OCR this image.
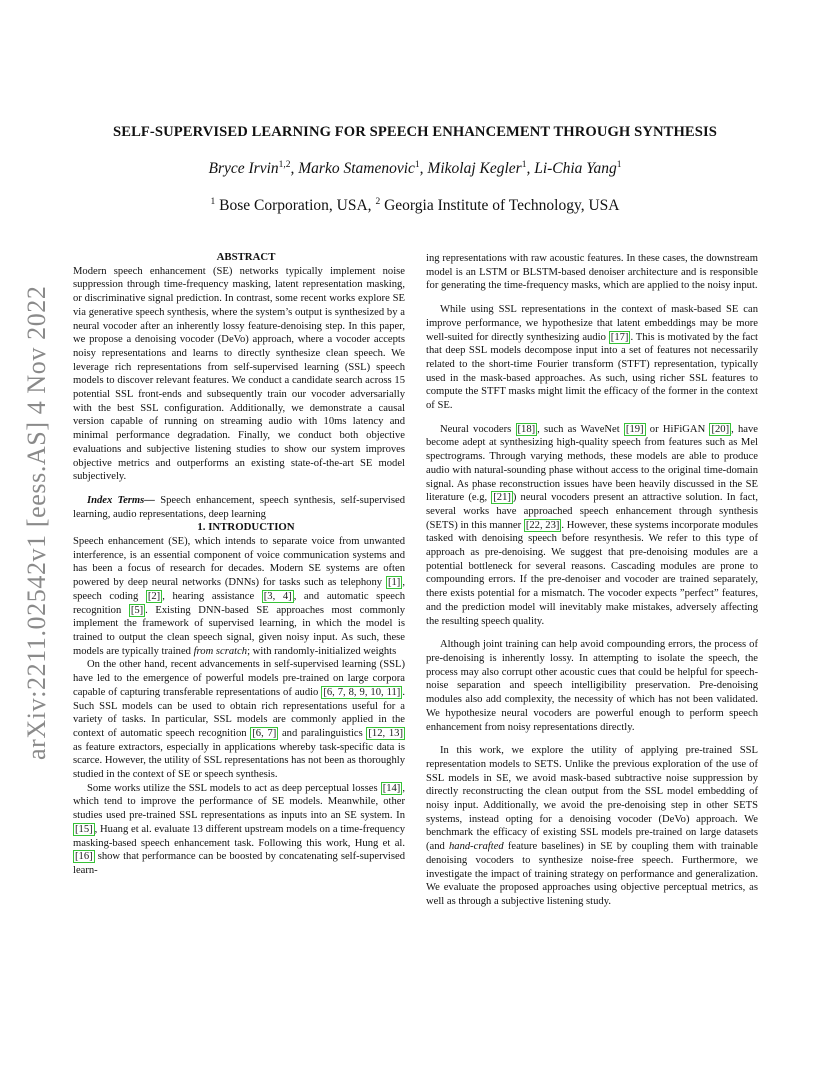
arXiv:2211.02542v1 [eess.AS] 4 Nov 2022
SELF-SUPERVISED LEARNING FOR SPEECH ENHANCEMENT THROUGH SYNTHESIS
Bryce Irvin$^{1,2}$, Marko Stamenovic$^1$, Mikolaj Kegler$^1$, Li-Chia Yang$^1$
$^1$ Bose Corporation, USA, $^2$ Georgia Institute of Technology, USA

ABSTRACT

Modern speech enhancement (SE) networks typically implement noise suppression through time-frequency masking, latent representation masking, or discriminative signal prediction. In contrast, some recent works explore SE via generative speech synthesis, where the system’s output is synthesized by a neural vocoder after an inherently lossy feature-denoising step. In this paper, we propose a denoising vocoder (DeVo) approach, where a vocoder accepts noisy representations and learns to directly synthesize clean speech. We leverage rich representations from self-supervised learning (SSL) speech models to discover relevant features. We conduct a candidate search across 15 potential SSL front-ends and subsequently train our vocoder adversarially with the best SSL configuration. Additionally, we demonstrate a causal version capable of running on streaming audio with 10ms latency and minimal performance degradation. Finally, we conduct both objective evaluations and subjective listening studies to show our system improves objective metrics and outperforms an existing state-of-the-art SE model subjectively.

Index Terms— Speech enhancement, speech synthesis, self-supervised learning, audio representations, deep learning

1. INTRODUCTION

Speech enhancement (SE), which intends to separate voice from unwanted interference, is an essential component of voice communication systems and has been a focus of research for decades. Modern SE systems are often powered by deep neural networks (DNNs) for tasks such as telephony [1] , speech coding [2] , hearing assistance [3, 4] , and automatic speech recognition [5] . Existing DNN-based SE approaches most commonly implement the framework of supervised learning, in which the model is trained to output the clean speech signal, given noisy input. As such, these models are typically trained from scratch; with randomly-initialized weights

On the other hand, recent advancements in self-supervised learning (SSL) have led to the emergence of powerful models pre-trained on large corpora capable of capturing transferable representations of audio [6, 7, 8, 9, 10, 11] . Such SSL models can be used to obtain rich representations useful for a variety of tasks. In particular, SSL models are commonly applied in the context of automatic speech recognition [6, 7] and paralinguistics [12, 13] as feature extractors, especially in applications whereby task-specific data is scarce. However, the utility of SSL representations has not been as thoroughly studied in the context of SE or speech synthesis.

Some works utilize the SSL models to act as deep perceptual losses [14] , which tend to improve the performance of SE models. Meanwhile, other studies used pre-trained SSL representations as inputs into an SE system. In [15] , Huang et al. evaluate 13 different upstream models on a time-frequency masking-based speech enhancement task. Following this work, Hung et al. [16] show that performance can be boosted by concatenating self-supervised learn-

ing representations with raw acoustic features. In these cases, the downstream model is an LSTM or BLSTM-based denoiser architecture and is responsible for generating the time-frequency masks, which are applied to the noisy input.

While using SSL representations in the context of mask-based SE can improve performance, we hypothesize that latent embeddings may be more well-suited for directly synthesizing audio [17] . This is motivated by the fact that deep SSL models decompose input into a set of features not necessarily related to the short-time Fourier transform (STFT) representation, typically used in the mask-based approaches. As such, using richer SSL features to compute the STFT masks might limit the efficacy of the former in the context of SE.

Neural vocoders [18] , such as WaveNet [19] or HiFiGAN [20] , have become adept at synthesizing high-quality speech from features such as Mel spectrograms. Through varying methods, these models are able to produce audio with natural-sounding phase without access to the original time-domain signal. As phase reconstruction issues have been heavily discussed in the SE literature (e.g, [21] ) neural vocoders present an attractive solution. In fact, several works have approached speech enhancement through synthesis (SETS) in this manner [22, 23] . However, these systems incorporate modules tasked with denoising speech before resynthesis. We refer to this type of approach as pre-denoising. We suggest that pre-denoising modules are a potential bottleneck for several reasons. Cascading modules are prone to compounding errors. If the pre-denoiser and vocoder are trained separately, there exists potential for a mismatch. The vocoder expects ”perfect” features, and the prediction model will inevitably make mistakes, adversely affecting the resulting speech quality.

Although joint training can help avoid compounding errors, the process of pre-denoising is inherently lossy. In attempting to isolate the speech, the process may also corrupt other acoustic cues that could be helpful for speech-noise separation and speech intelligibility preservation. Pre-denoising modules also add complexity, the necessity of which has not been validated. We hypothesize neural vocoders are powerful enough to perform speech enhancement from noisy representations directly.

In this work, we explore the utility of applying pre-trained SSL representation models to SETS. Unlike the previous exploration of the use of SSL models in SE, we avoid mask-based subtractive noise suppression by directly reconstructing the clean output from the SSL model embedding of noisy input. Additionally, we avoid the pre-denoising step in other SETS systems, instead opting for a denoising vocoder (DeVo) approach. We benchmark the efficacy of existing SSL models pre-trained on large datasets (and hand-crafted feature baselines) in SE by coupling them with trainable denoising vocoders to synthesize noise-free speech. Furthermore, we investigate the impact of training strategy on performance and generalization. We evaluate the proposed approaches using objective perceptual metrics, as well as through a subjective listening study.
